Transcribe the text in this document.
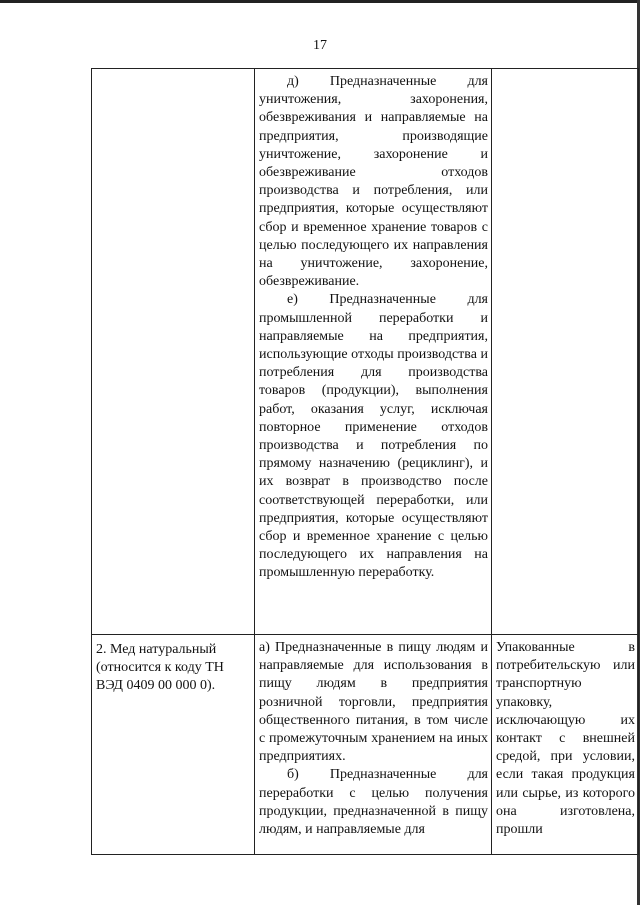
17

	д) Предназначенные для уничтожения, захоронения, обезвреживания и направляемые на предприятия, производящие уничтожение, захоронение и обезвреживание отходов производства и потребления, или предприятия, которые осуществляют сбор и временное хранение товаров с целью последующего их направления на уничтожение, захоронение, обезвреживание.

е) Предназначенные для промышленной переработки и направляемые на предприятия, использующие отходы производства и потребления для производства товаров (продукции), выполнения работ, оказания услуг, исключая повторное применение отходов производства и потребления по прямому назначению (рециклинг), и их возврат в производство после соответствующей переработки, или предприятия, которые осуществляют сбор и временное хранение с целью последующего их направления на промышленную переработку.	

2. Мед натуральный (относится к коду ТН ВЭД 0409 00 000 0).	а) Предназначенные в пищу людям и направляемые для использования в пищу людям в предприятия розничной торговли, предприятия общественного питания, в том числе с промежуточным хранением на иных предприятиях.

б) Предназначенные для переработки с целью получения продукции, предназначенной в пищу людям, и направляемые для	Упакованные в потребительскую или транспортную упаковку, исключающую их контакт с внешней средой, при условии, если такая продукция или сырье, из которого она изготовлена, прошли
